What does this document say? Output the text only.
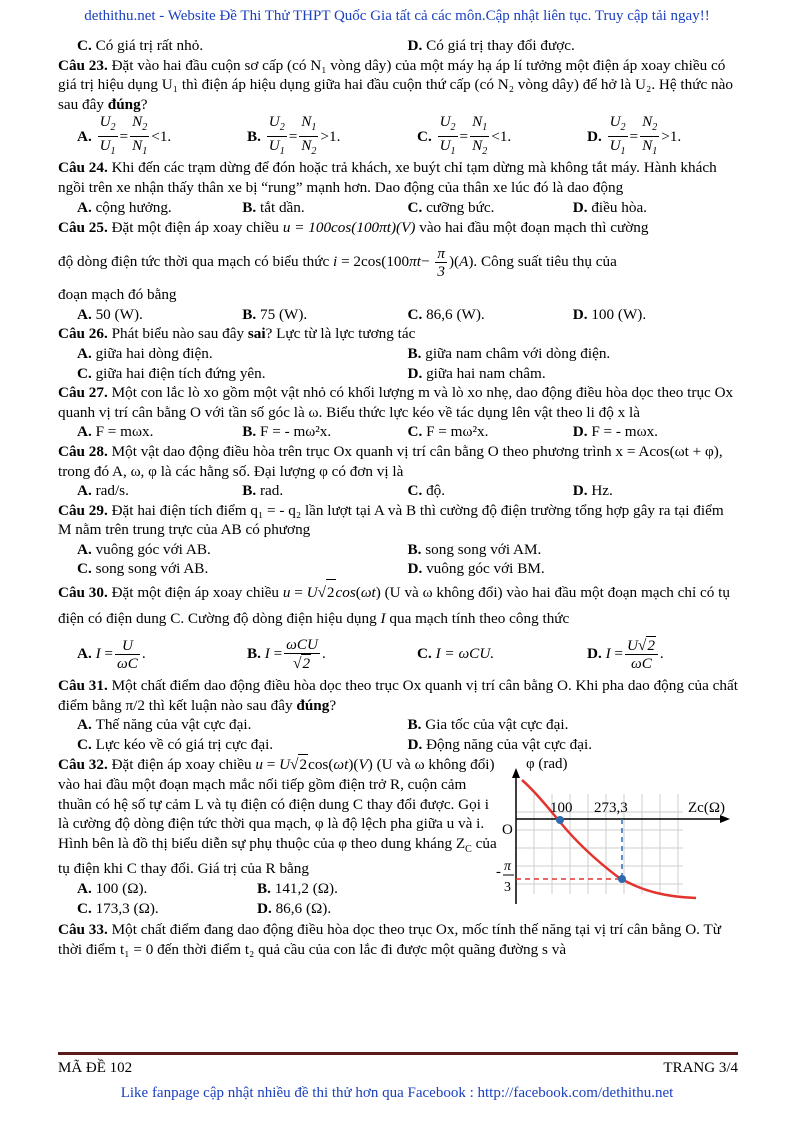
dethithu.net - Website Đề Thi Thử THPT Quốc Gia tất cả các môn.Cập nhật liên tục. Truy cập tải ngay!!
C. Có giá trị rất nhỏ.	D. Có giá trị thay đổi được.

Câu 23. Đặt vào hai đầu cuộn sơ cấp (có N₁ vòng dây) của một máy hạ áp lí tưởng một điện áp xoay chiều có giá trị hiệu dụng U₁ thì điện áp hiệu dụng giữa hai đầu cuộn thứ cấp (có N₂ vòng dây) để hở là U₂. Hệ thức nào sau đây đúng?

A. $\frac{U_2}{U_1} = \frac{N_2}{N_1} <1$.	B. $\frac{U_2}{U_1} = \frac{N_1}{N_2} >1$.	C. $\frac{U_2}{U_1} = \frac{N_1}{N_2} <1$.	D. $\frac{U_2}{U_1} = \frac{N_2}{N_1} >1$.

Câu 24. Khi đến các trạm dừng để đón hoặc trả khách, xe buýt chỉ tạm dừng mà không tắt máy. Hành khách ngồi trên xe nhận thấy thân xe bị “rung” mạnh hơn. Dao động của thân xe lúc đó là dao động

A. cộng hưởng.	B. tắt dần.	C. cưỡng bức.	D. điều hòa.

Câu 25. Đặt một điện áp xoay chiều u = 100cos(100πt)(V) vào hai đầu một đoạn mạch thì cường

độ dòng điện tức thời qua mạch có biểu thức
i = 2cos(100 $\pi t - \frac{\pi}{3}$ )( A ) . Công suất tiêu thụ của

đoạn mạch đó bằng

A. 50 (W).	B. 75 (W).	C. 86,6 (W).	D. 100 (W).

Câu 26. Phát biểu nào sau đây sai? Lực từ là lực tương tác

A. giữa hai dòng điện.	B. giữa nam châm với dòng điện.
C. giữa hai điện tích đứng yên.	D. giữa hai nam châm.

Câu 27. Một con lắc lò xo gồm một vật nhỏ có khối lượng m và lò xo nhẹ, dao động điều hòa dọc theo trục Ox quanh vị trí cân bằng O với tần số góc là ω. Biểu thức lực kéo về tác dụng lên vật theo li độ x là

A. F = mωx.	B. F = - mω²x.	C. F = mω²x.	D. F = - mωx.

Câu 28. Một vật dao động điều hòa trên trục Ox quanh vị trí cân bằng O theo phương trình x = Acos(ωt + φ), trong đó A, ω, φ là các hằng số. Đại lượng φ có đơn vị là

A. rad/s.	B. rad.	C. độ.	D. Hz.

Câu 29. Đặt hai điện tích điểm q₁ = - q₂ lần lượt tại A và B thì cường độ điện trường tổng hợp gây ra tại điểm M nằm trên trung trực của AB có phương

A. vuông góc với AB.	B. song song với AM.
C. song song với AB.	D. vuông góc với BM.

Câu 30. Đặt một điện áp xoay chiều u = U√2cos(ωt) (U và ω không đổi) vào hai đầu một đoạn mạch chỉ có tụ điện có điện dung C. Cường độ dòng điện hiệu dụng I qua mạch tính theo công thức

A. $I = \frac{U}{\omega C}$ .	B. $I = \frac{\text{ωCU}}{√2}$ .	C. I = ωCU.	D. $I = \frac{U√2}{\omega C}$ .

Câu 31. Một chất điểm dao động điều hòa dọc theo trục Ox quanh vị trí cân bằng O. Khi pha dao động của chất điểm bằng π/2 thì kết luận nào sau đây đúng?

A. Thế năng của vật cực đại.	B. Gia tốc của vật cực đại.
C. Lực kéo về có giá trị cực đại.	D. Động năng của vật cực đại.

Câu 32. Đặt điện áp xoay chiều u = U√2cos(ωt)(V) (U và ω không đổi) vào hai đầu một đoạn mạch mắc nối tiếp gồm điện trở R, cuộn cảm thuần có hệ số tự cảm L và tụ điện có điện dung C thay đổi được. Gọi i là cường độ dòng điện tức thời qua mạch, φ là độ lệch pha giữa u và i. Hình bên là đồ thị biểu diễn sự phụ thuộc của φ theo dung kháng $Z_C$ của tụ điện khi C thay đổi. Giá trị của R bằng

A. 100 (Ω).	B. 141,2 (Ω).
C. 173,3 (Ω).	D. 86,6 (Ω).
φ (rad)
Zc(Ω)
O
100 273,3
- π
3

Câu 33. Một chất điểm đang dao động điều hòa dọc theo trục Ox, mốc tính thế năng tại vị trí cân bằng O. Từ thời điểm t₁ = 0 đến thời điểm t₂ quả cầu của con lắc đi được một quãng đường s và

MÃ ĐỀ 102	TRANG 3/4
Like fanpage cập nhật nhiều đề thi thử hơn qua Facebook : http://facebook.com/dethithu.net
